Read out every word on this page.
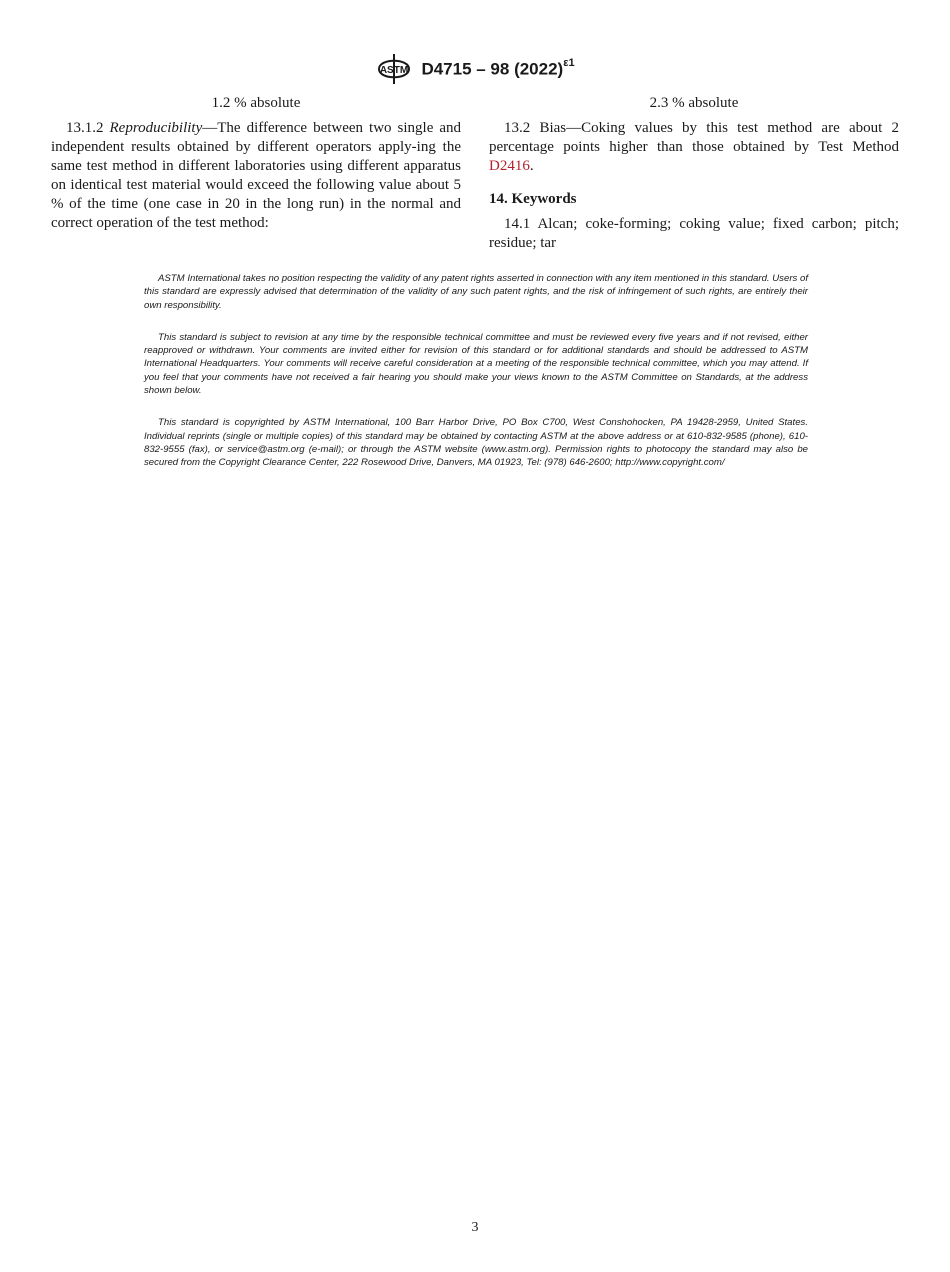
ASTM D4715 – 98 $(2022)^{\varepsilon 1}$

1.2 % absolute

13.1.2 Reproducibility—The difference between two single and independent results obtained by different operators apply-ing the same test method in different laboratories using different apparatus on identical test material would exceed the following value about 5 % of the time (one case in 20 in the long run) in the normal and correct operation of the test method:

2.3 % absolute

13.2 Bias—Coking values by this test method are about 2 percentage points higher than those obtained by Test Method D2416.

14. Keywords

14.1 Alcan; coke-forming; coking value; fixed carbon; pitch; residue; tar

ASTM International takes no position respecting the validity of any patent rights asserted in connection with any item mentioned in this standard. Users of this standard are expressly advised that determination of the validity of any such patent rights, and the risk of infringement of such rights, are entirely their own responsibility.

This standard is subject to revision at any time by the responsible technical committee and must be reviewed every five years and if not revised, either reapproved or withdrawn. Your comments are invited either for revision of this standard or for additional standards and should be addressed to ASTM International Headquarters. Your comments will receive careful consideration at a meeting of the responsible technical committee, which you may attend. If you feel that your comments have not received a fair hearing you should make your views known to the ASTM Committee on Standards, at the address shown below.

This standard is copyrighted by ASTM International, 100 Barr Harbor Drive, PO Box C700, West Conshohocken, PA 19428-2959, United States. Individual reprints (single or multiple copies) of this standard may be obtained by contacting ASTM at the above address or at 610-832-9585 (phone), 610-832-9555 (fax), or service@astm.org (e-mail); or through the ASTM website (www.astm.org). Permission rights to photocopy the standard may also be secured from the Copyright Clearance Center, 222 Rosewood Drive, Danvers, MA 01923, Tel: (978) 646-2600; http://www.copyright.com/

3
